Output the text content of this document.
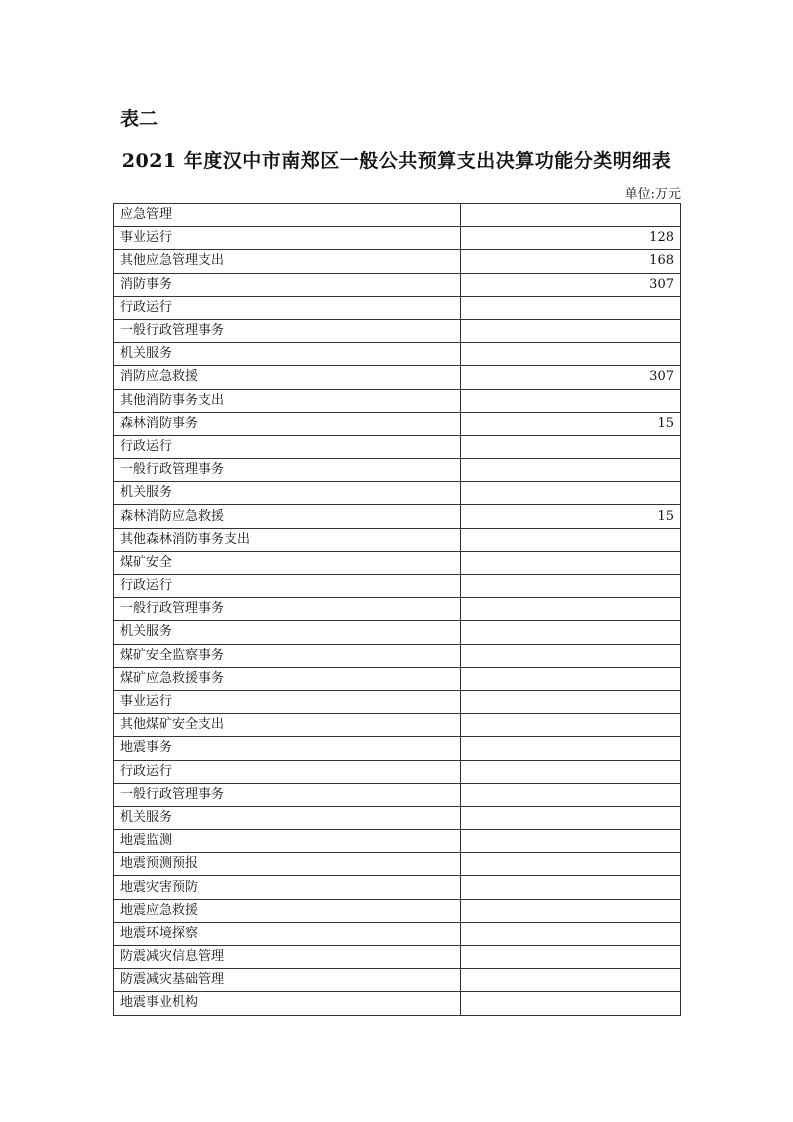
表二
2021 年度汉中市南郑区一般公共预算支出决算功能分类明细表
单位:万元
应急管理	
事业运行	128
其他应急管理支出	168
消防事务	307
行政运行	
一般行政管理事务	
机关服务	
消防应急救援	307
其他消防事务支出	
森林消防事务	15
行政运行	
一般行政管理事务	
机关服务	
森林消防应急救援	15
其他森林消防事务支出	
煤矿安全	
行政运行	
一般行政管理事务	
机关服务	
煤矿安全监察事务	
煤矿应急救援事务	
事业运行	
其他煤矿安全支出	
地震事务	
行政运行	
一般行政管理事务	
机关服务	
地震监测	
地震预测预报	
地震灾害预防	
地震应急救援	
地震环境探察	
防震减灾信息管理	
防震减灾基础管理	
地震事业机构	
